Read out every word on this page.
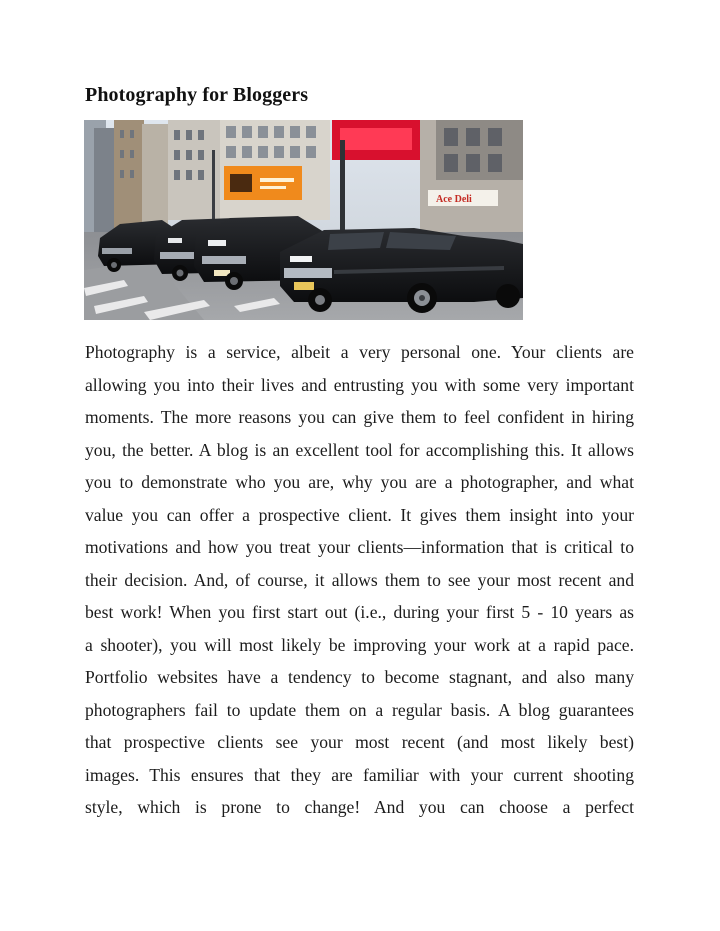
Photography for Bloggers
Ace Deli
Photography is a service, albeit a very personal one. Your clients are
allowing you into their lives and entrusting you with some very important
moments. The more reasons you can give them to feel confident in hiring
you, the better. A blog is an excellent tool for accomplishing this. It allows
you to demonstrate who you are, why you are a photographer, and what
value you can offer a prospective client. It gives them insight into your
motivations and how you treat your clients—information that is critical to
their decision. And, of course, it allows them to see your most recent and
best work! When you first start out (i.e., during your first 5 - 10 years as
a shooter), you will most likely be improving your work at a rapid pace.
Portfolio websites have a tendency to become stagnant, and also many
photographers fail to update them on a regular basis. A blog guarantees
that prospective clients see your most recent (and most likely best)
images. This ensures that they are familiar with your current shooting
style, which is prone to change! And you can choose a perfect
